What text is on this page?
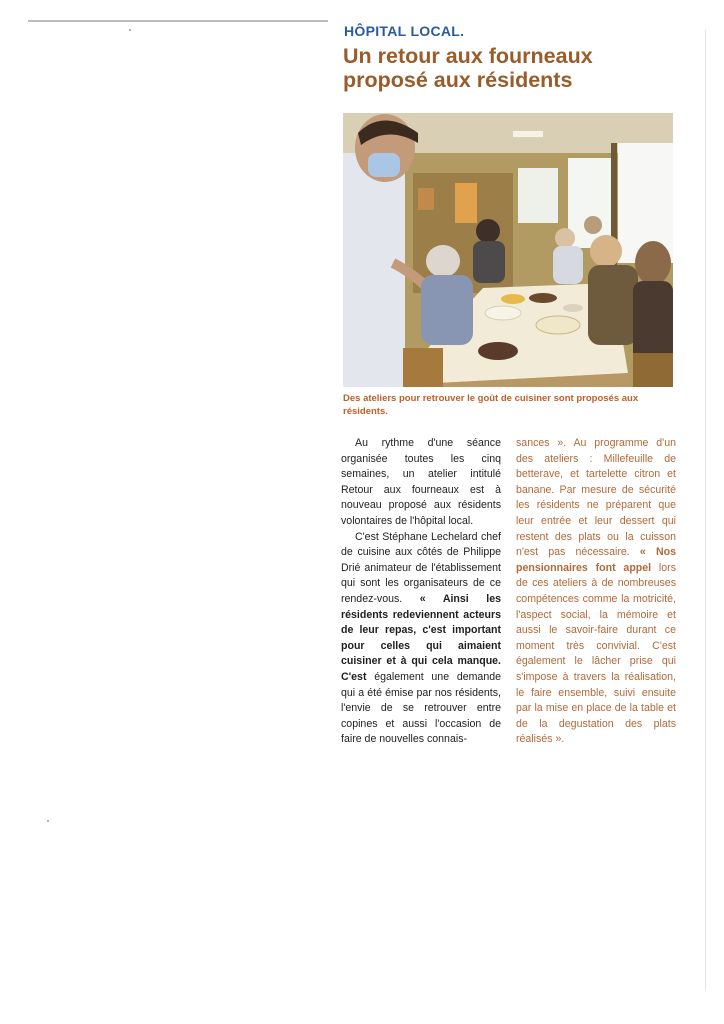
HÔPITAL LOCAL.
Un retour aux fourneaux proposé aux résidents

Des ateliers pour retrouver le goût de cuisiner sont proposés aux résidents.

Au rythme d'une séance organisée toutes les cinq semaines, un atelier intitulé Retour aux fourneaux est à nouveau proposé aux résidents volontaires de l'hôpital local.

C'est Stéphane Lechelard chef de cuisine aux côtés de Philippe Drié animateur de l'établissement qui sont les organisateurs de ce rendez-vous. « Ainsi les résidents redeviennent acteurs de leur repas, c'est important pour celles qui aimaient cuisiner et à qui cela manque. C'est également une demande qui a été émise par nos résidents, l'envie de se retrouver entre copines et aussi l'occasion de faire de nouvelles connais-

sances ». Au programme d'un des ateliers : Millefeuille de betterave, et tartelette citron et banane. Par mesure de sécurité les résidents ne préparent que leur entrée et leur dessert qui restent des plats ou la cuisson n'est pas nécessaire. « Nos pensionnaires font appel lors de ces ateliers à de nombreuses compétences comme la motricité, l'aspect social, la mémoire et aussi le savoir-faire durant ce moment très convivial. C'est également le lâcher prise qui s'impose à travers la réalisation, le faire ensemble, suivi ensuite par la mise en place de la table et de la degustation des plats réalisés ».
